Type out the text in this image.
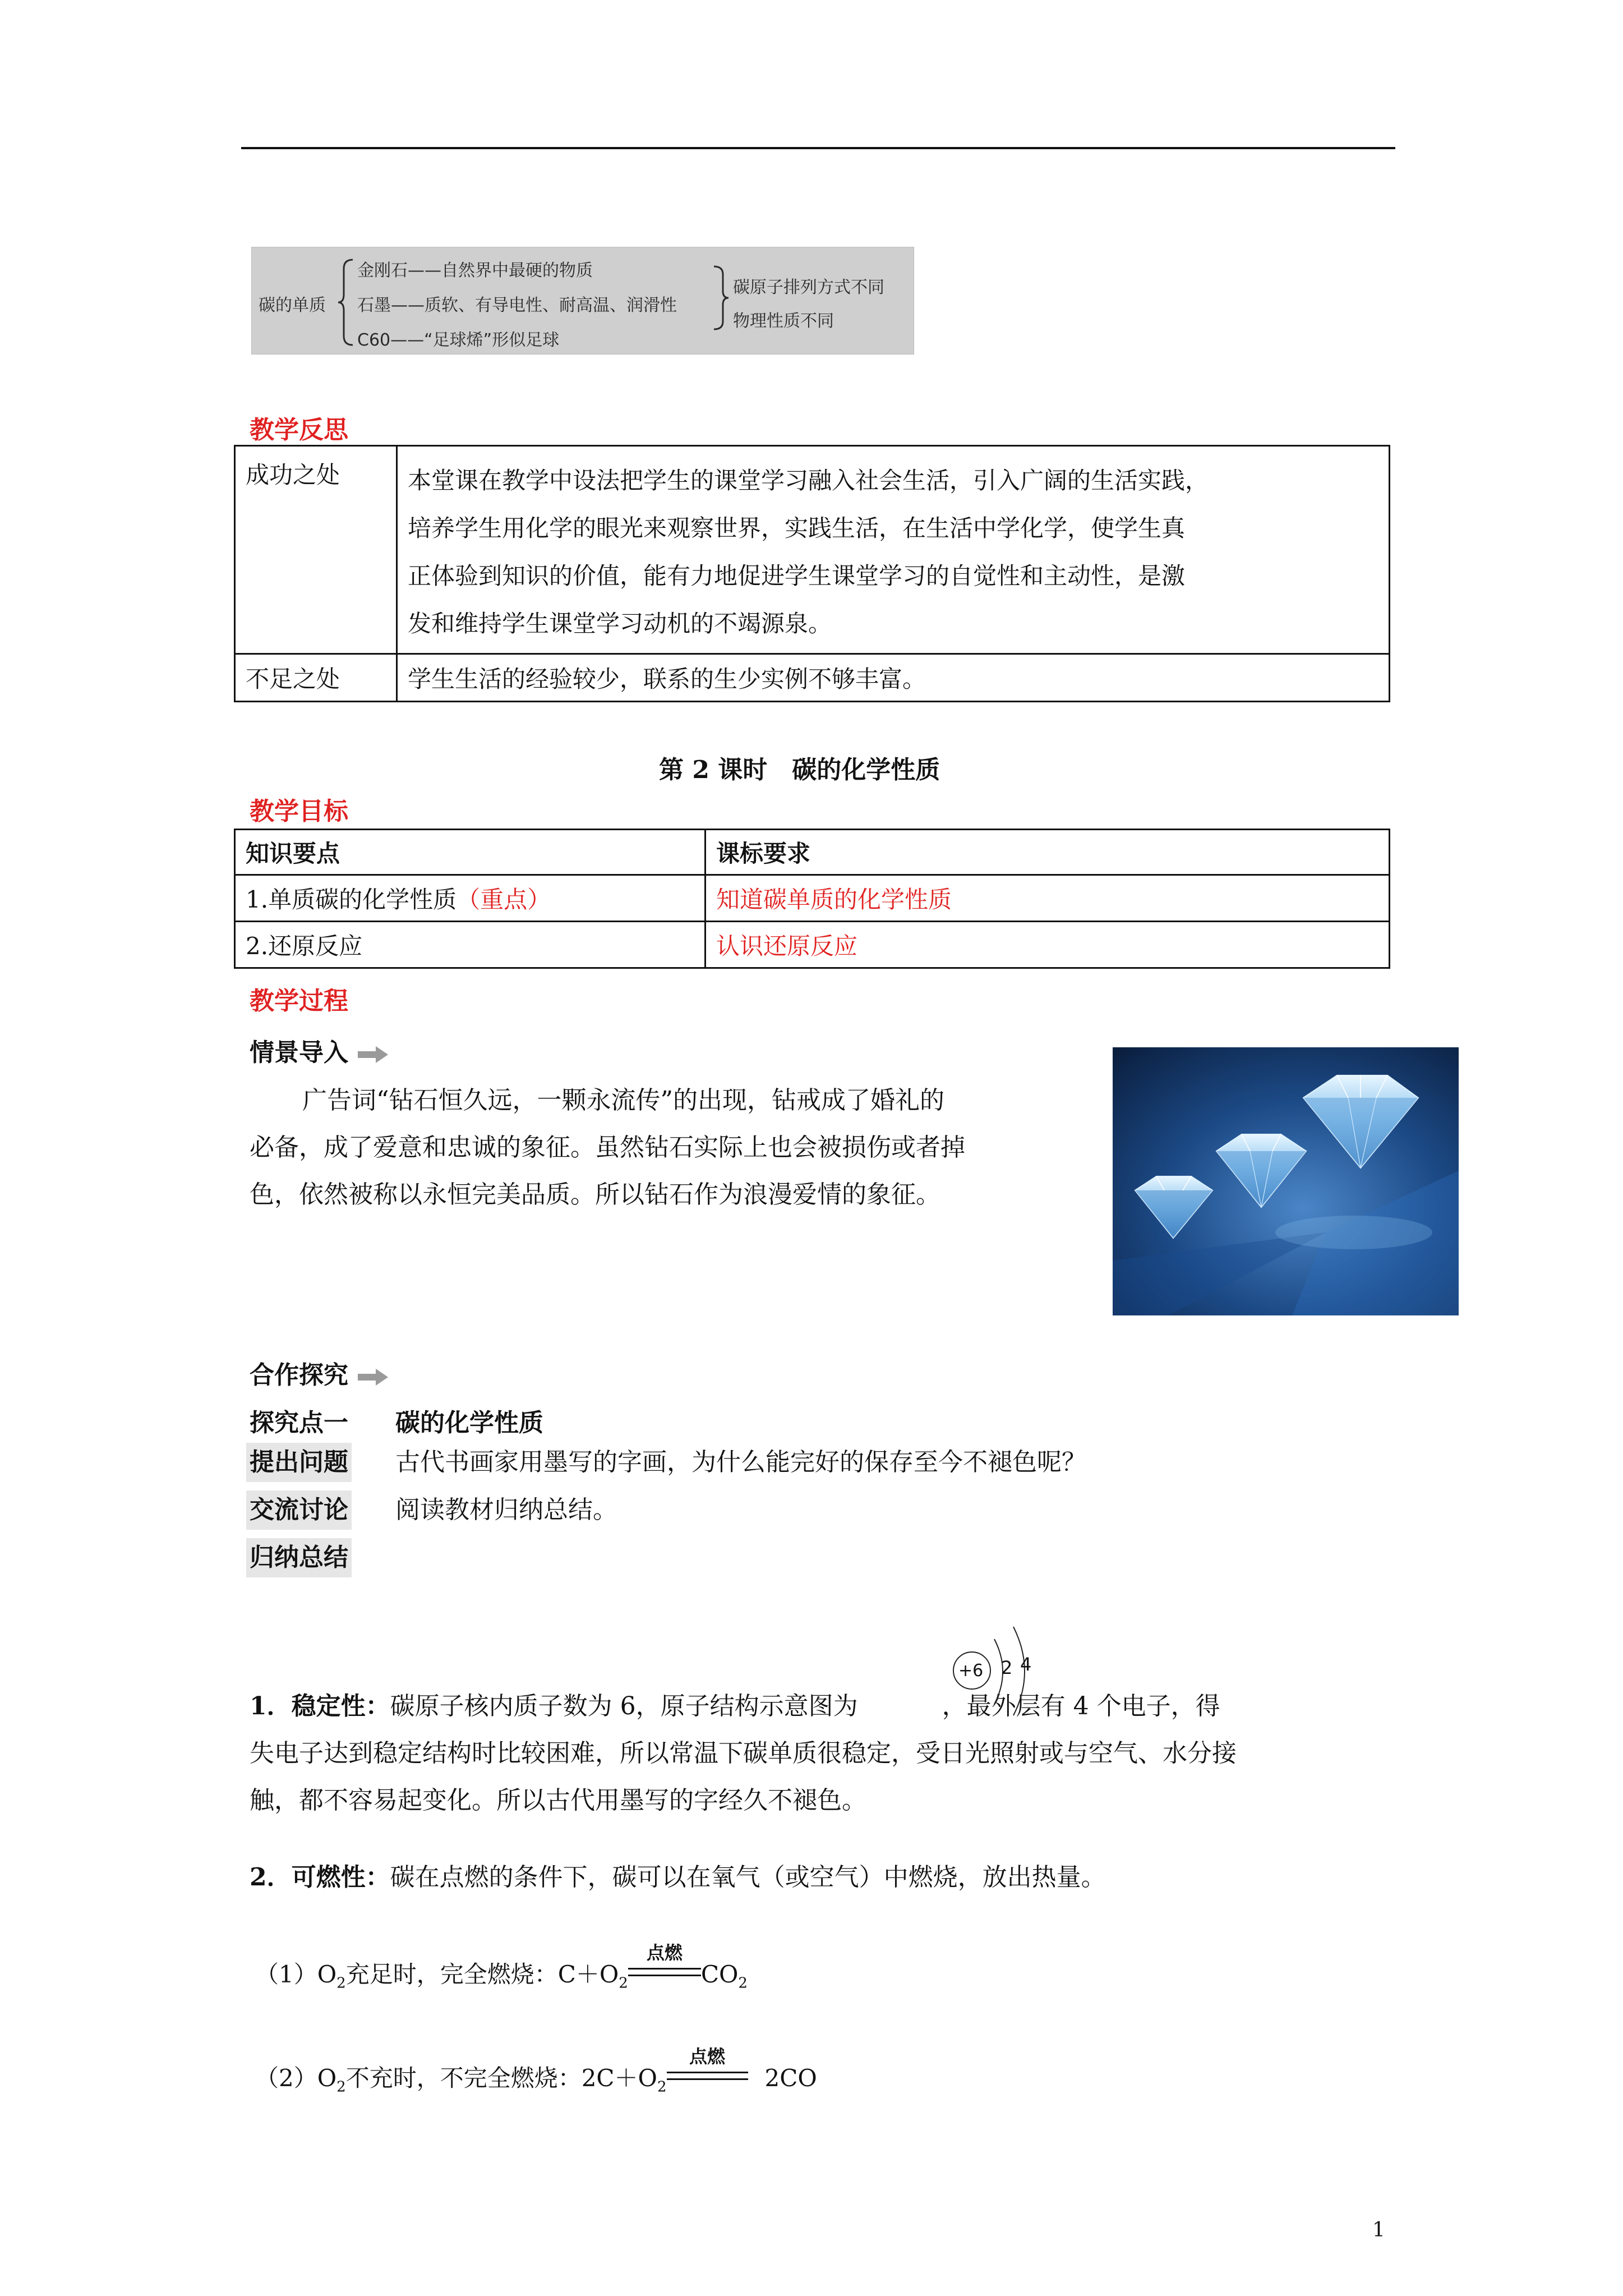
碳的单质
金刚石——自然界中最硬的物质
石墨——质软、有导电性、耐高温、润滑性
C60——“足球烯”形似足球
碳原子排列方式不同
物理性质不同
教学反思
成功之处	本堂课在教学中设法把学生的课堂学习融入社会生活，引入广阔的生活实践，
培养学生用化学的眼光来观察世界，实践生活，在生活中学化学，使学生真
正体验到知识的价值，能有力地促进学生课堂学习的自觉性和主动性，是激
发和维持学生课堂学习动机的不竭源泉。

不足之处	学生生活的经验较少，联系的生少实例不够丰富。
第 2 课时　碳的化学性质
教学目标
知识要点	课标要求
1.单质碳的化学性质（重点）	知道碳单质的化学性质
2.还原反应	认识还原反应
教学过程
情景导入
广告词“钻石恒久远，一颗永流传”的出现，钻戒成了婚礼的
必备，成了爱意和忠诚的象征。虽然钻石实际上也会被损伤或者掉
色，依然被称以永恒完美品质。所以钻石作为浪漫爱情的象征。
合作探究
探究点一 碳的化学性质
提出问题 古代书画家用墨写的字画，为什么能完好的保存至今不褪色呢？
交流讨论 阅读教材归纳总结。
归纳总结
1．稳定性：碳原子核内质子数为 6，原子结构示意图为	，最外层有 4 个电子，得
+6 2 4
失电子达到稳定结构时比较困难，所以常温下碳单质很稳定，受日光照射或与空气、水分接
触，都不容易起变化。所以古代用墨写的字经久不褪色。
2．可燃性：碳在点燃的条件下，碳可以在氧气（或空气）中燃烧，放出热量。
$(1)O_2$充足时，完全燃烧：$C+O_2$
点燃
$CO_2$
$(2)O_2$不充时，不完全燃烧：$2C+O_2$
点燃
2CO
1
